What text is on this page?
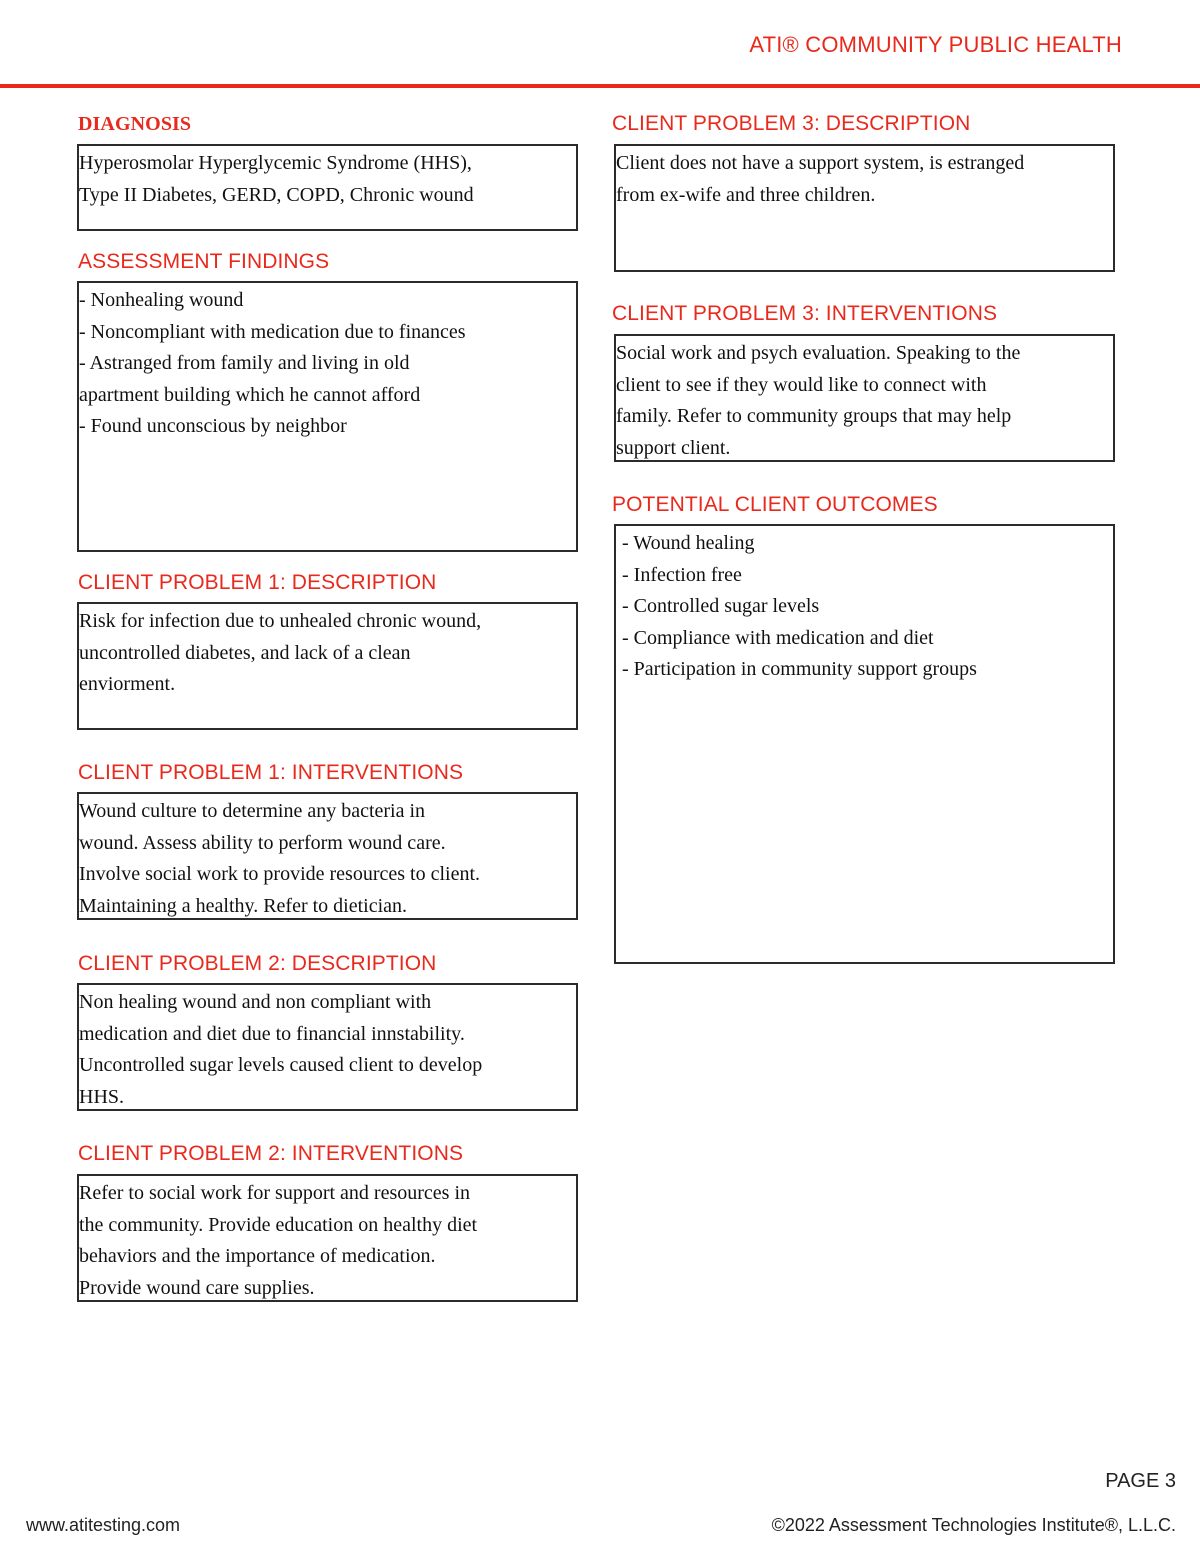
ATI® COMMUNITY PUBLIC HEALTH
DIAGNOSIS
Hyperosmolar Hyperglycemic Syndrome (HHS),
Type II Diabetes, GERD, COPD, Chronic wound
ASSESSMENT FINDINGS
- Nonhealing wound
- Noncompliant with medication due to finances
- Astranged from family and living in old
apartment building which he cannot afford
- Found unconscious by neighbor
CLIENT PROBLEM 1: DESCRIPTION
Risk for infection due to unhealed chronic wound,
uncontrolled diabetes, and lack of a clean
enviorment.
CLIENT PROBLEM 1: INTERVENTIONS
Wound culture to determine any bacteria in
wound. Assess ability to perform wound care.
Involve social work to provide resources to client.
Maintaining a healthy. Refer to dietician.
CLIENT PROBLEM 2: DESCRIPTION
Non healing wound and non compliant with
medication and diet due to financial innstability.
Uncontrolled sugar levels caused client to develop
HHS.
CLIENT PROBLEM 2: INTERVENTIONS
Refer to social work for support and resources in
the community. Provide education on healthy diet
behaviors and the importance of medication.
Provide wound care supplies.
CLIENT PROBLEM 3: DESCRIPTION
Client does not have a support system, is estranged
from ex-wife and three children.
CLIENT PROBLEM 3: INTERVENTIONS
Social work and psych evaluation. Speaking to the
client to see if they would like to connect with
family. Refer to community groups that may help
support client.
POTENTIAL CLIENT OUTCOMES
- Wound healing
- Infection free
- Controlled sugar levels
- Compliance with medication and diet
- Participation in community support groups
PAGE 3
www.atitesting.com	©2022 Assessment Technologies Institute®, L.L.C.
